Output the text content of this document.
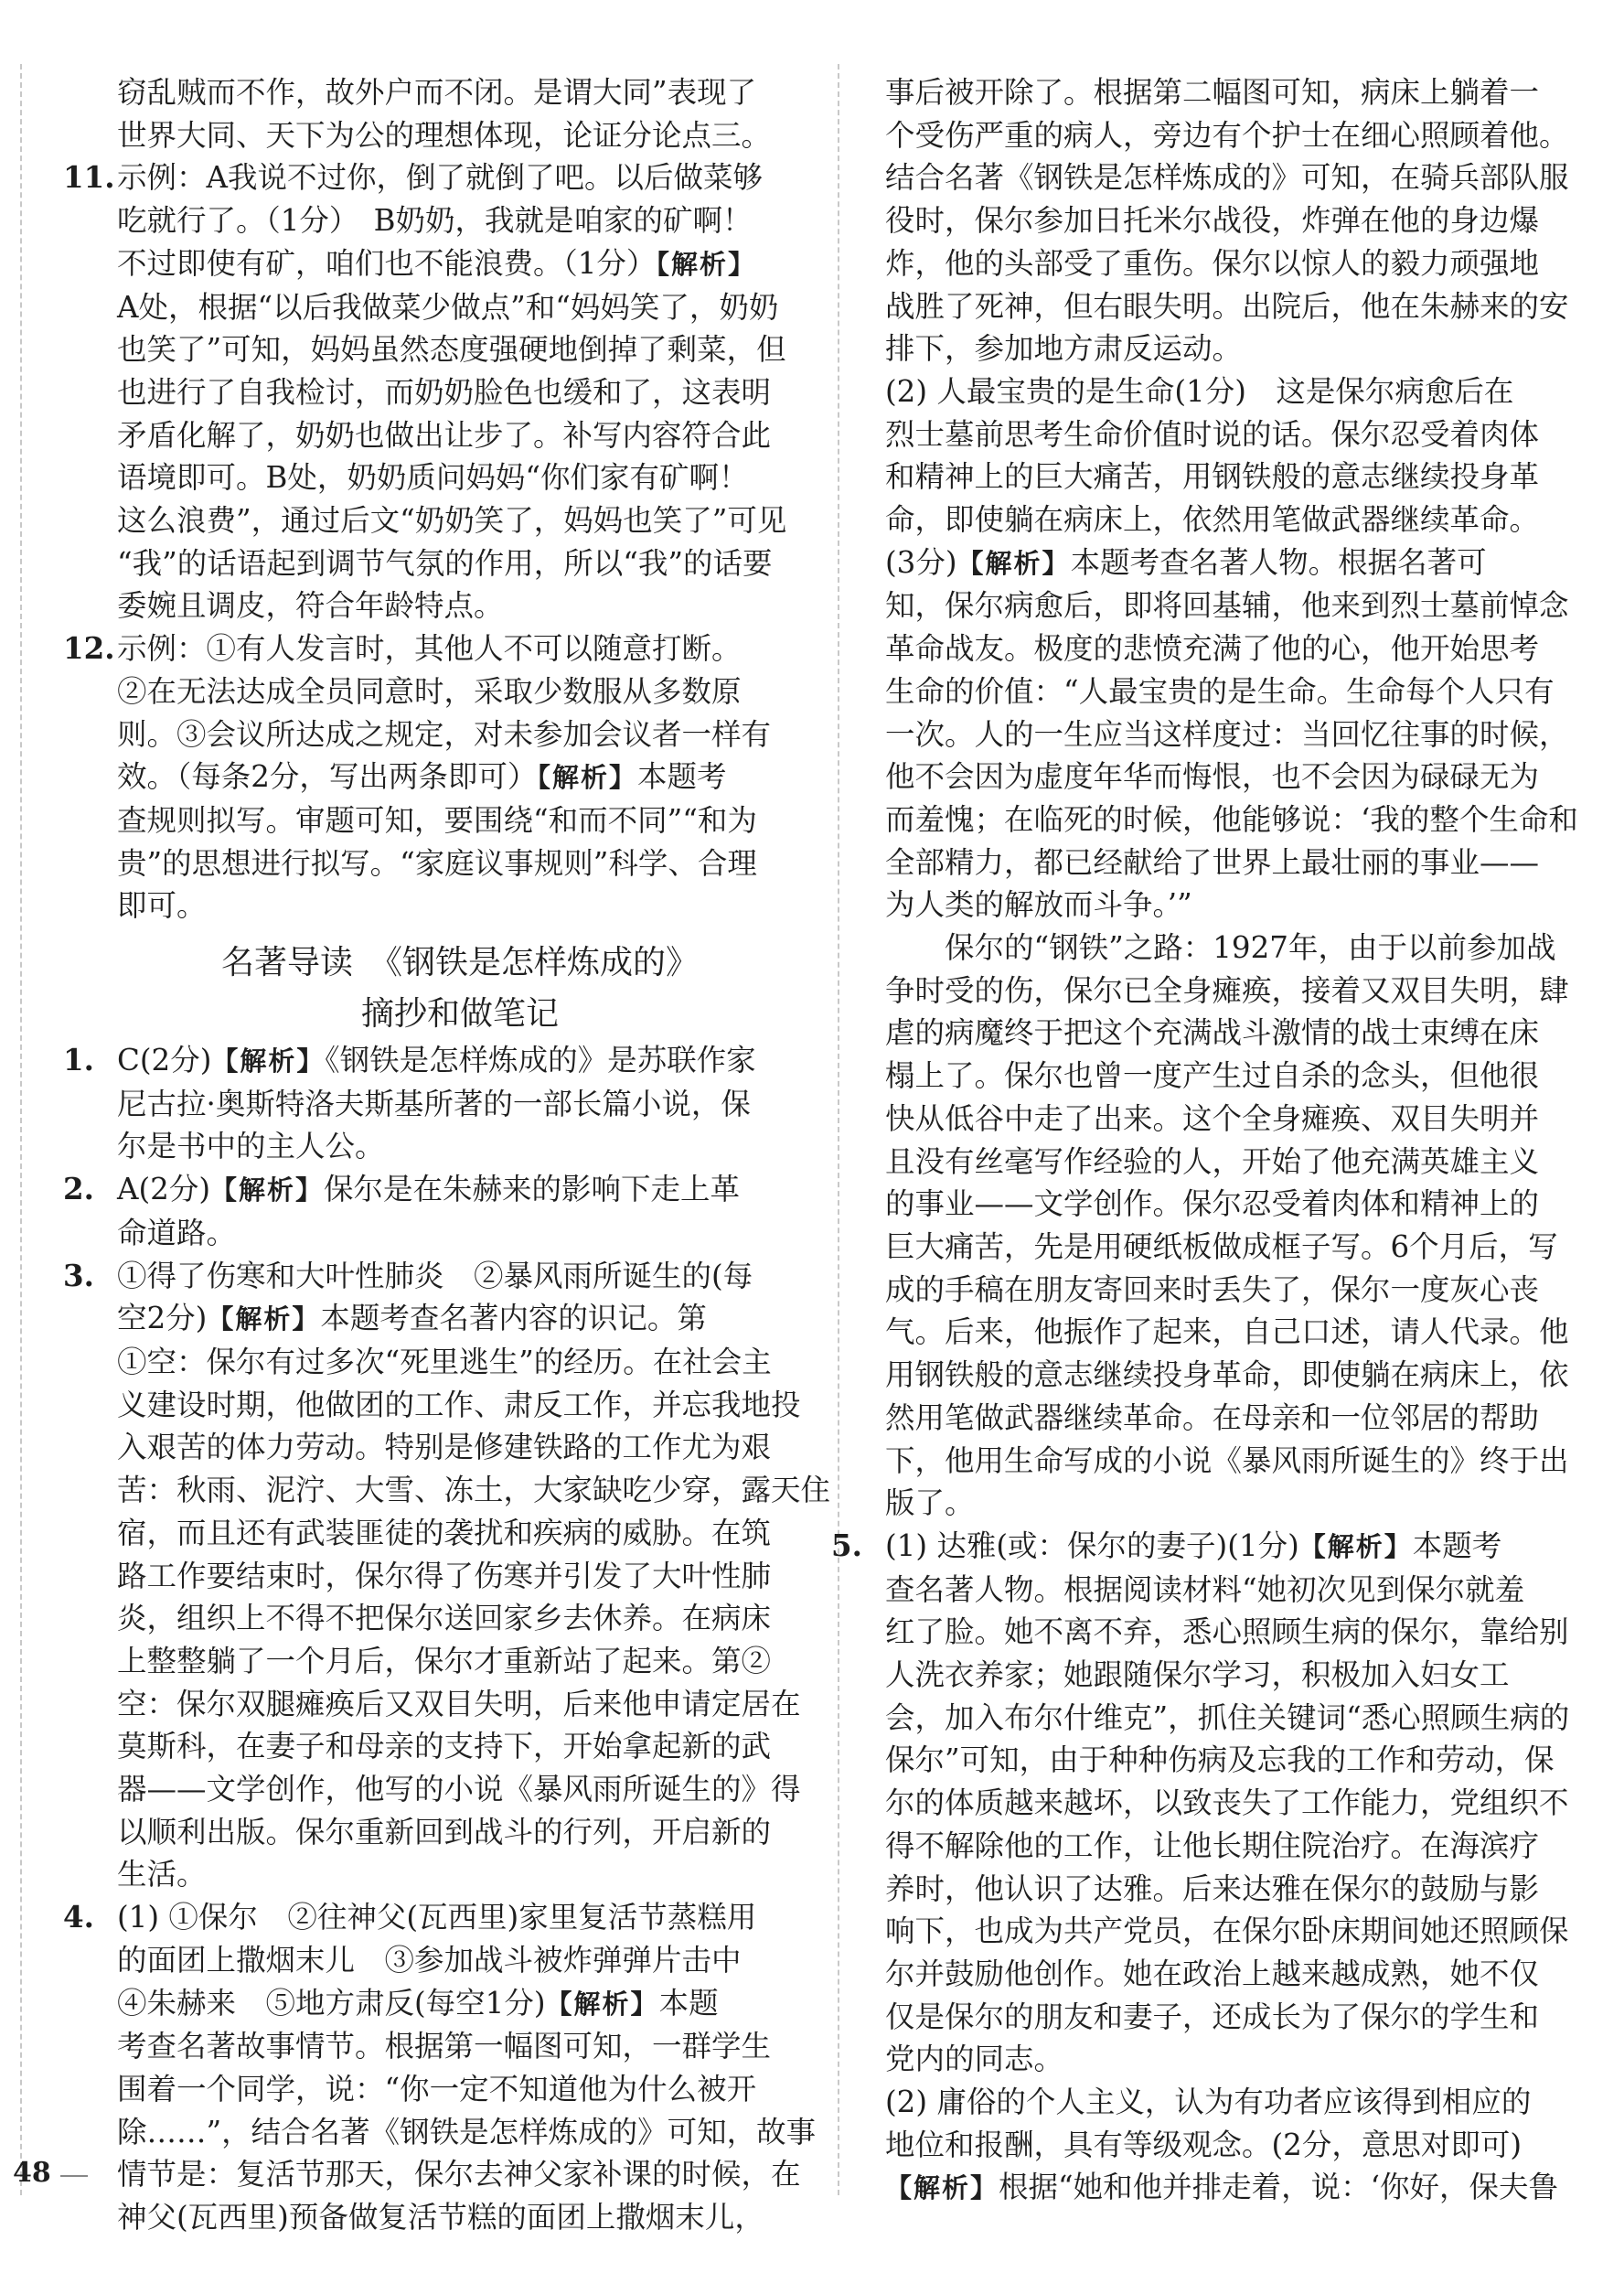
窃乱贼而不作，故外户而不闭。是谓大同”表现了
世界大同、天下为公的理想体现，论证分论点三。
11.示例：A我说不过你，倒了就倒了吧。以后做菜够
吃就行了。（1分）　B奶奶，我就是咱家的矿啊！
不过即使有矿，咱们也不能浪费。（1分）【解析】
A处，根据“以后我做菜少做点”和“妈妈笑了，奶奶
也笑了”可知，妈妈虽然态度强硬地倒掉了剩菜，但
也进行了自我检讨，而奶奶脸色也缓和了，这表明
矛盾化解了，奶奶也做出让步了。补写内容符合此
语境即可。B处，奶奶质问妈妈“你们家有矿啊！
这么浪费”，通过后文“奶奶笑了，妈妈也笑了”可见
“我”的话语起到调节气氛的作用，所以“我”的话要
委婉且调皮，符合年龄特点。
12.示例：①有人发言时，其他人不可以随意打断。
②在无法达成全员同意时，采取少数服从多数原
则。③会议所达成之规定，对未参加会议者一样有
效。（每条2分，写出两条即可）【解析】本题考
查规则拟写。审题可知，要围绕“和而不同”“和为
贵”的思想进行拟写。“家庭议事规则”科学、合理
即可。
名著导读　《钢铁是怎样炼成的》
摘抄和做笔记
1. C(2分)【解析】《钢铁是怎样炼成的》是苏联作家
尼古拉·奥斯特洛夫斯基所著的一部长篇小说，保
尔是书中的主人公。
2. A(2分)【解析】保尔是在朱赫来的影响下走上革
命道路。
3. ①得了伤寒和大叶性肺炎　②暴风雨所诞生的(每
空2分)【解析】本题考查名著内容的识记。第
①空：保尔有过多次“死里逃生”的经历。在社会主
义建设时期，他做团的工作、肃反工作，并忘我地投
入艰苦的体力劳动。特别是修建铁路的工作尤为艰
苦：秋雨、泥泞、大雪、冻土，大家缺吃少穿，露天住
宿，而且还有武装匪徒的袭扰和疾病的威胁。在筑
路工作要结束时，保尔得了伤寒并引发了大叶性肺
炎，组织上不得不把保尔送回家乡去休养。在病床
上整整躺了一个月后，保尔才重新站了起来。第②
空：保尔双腿瘫痪后又双目失明，后来他申请定居在
莫斯科，在妻子和母亲的支持下，开始拿起新的武
器——文学创作，他写的小说《暴风雨所诞生的》得
以顺利出版。保尔重新回到战斗的行列，开启新的
生活。
4. (1) ①保尔　②往神父(瓦西里)家里复活节蒸糕用
的面团上撒烟末儿　③参加战斗被炸弹弹片击中
④朱赫来　⑤地方肃反(每空1分)【解析】本题
考查名著故事情节。根据第一幅图可知，一群学生
围着一个同学，说：“你一定不知道他为什么被开
除……”，结合名著《钢铁是怎样炼成的》可知，故事
情节是：复活节那天，保尔去神父家补课的时候，在
神父(瓦西里)预备做复活节糕的面团上撒烟末儿，
事后被开除了。根据第二幅图可知，病床上躺着一
个受伤严重的病人，旁边有个护士在细心照顾着他。
结合名著《钢铁是怎样炼成的》可知，在骑兵部队服
役时，保尔参加日托米尔战役，炸弹在他的身边爆
炸，他的头部受了重伤。保尔以惊人的毅力顽强地
战胜了死神，但右眼失明。出院后，他在朱赫来的安
排下，参加地方肃反运动。
(2) 人最宝贵的是生命(1分)　这是保尔病愈后在
烈士墓前思考生命价值时说的话。保尔忍受着肉体
和精神上的巨大痛苦，用钢铁般的意志继续投身革
命，即使躺在病床上，依然用笔做武器继续革命。
(3分)【解析】本题考查名著人物。根据名著可
知，保尔病愈后，即将回基辅，他来到烈士墓前悼念
革命战友。极度的悲愤充满了他的心，他开始思考
生命的价值：“人最宝贵的是生命。生命每个人只有
一次。人的一生应当这样度过：当回忆往事的时候，
他不会因为虚度年华而悔恨，也不会因为碌碌无为
而羞愧；在临死的时候，他能够说：‘我的整个生命和
全部精力，都已经献给了世界上最壮丽的事业——
为人类的解放而斗争。’”
保尔的“钢铁”之路：1927年，由于以前参加战
争时受的伤，保尔已全身瘫痪，接着又双目失明，肆
虐的病魔终于把这个充满战斗激情的战士束缚在床
榻上了。保尔也曾一度产生过自杀的念头，但他很
快从低谷中走了出来。这个全身瘫痪、双目失明并
且没有丝毫写作经验的人，开始了他充满英雄主义
的事业——文学创作。保尔忍受着肉体和精神上的
巨大痛苦，先是用硬纸板做成框子写。6个月后，写
成的手稿在朋友寄回来时丢失了，保尔一度灰心丧
气。后来，他振作了起来，自己口述，请人代录。他
用钢铁般的意志继续投身革命，即使躺在病床上，依
然用笔做武器继续革命。在母亲和一位邻居的帮助
下，他用生命写成的小说《暴风雨所诞生的》终于出
版了。
5. (1) 达雅(或：保尔的妻子)(1分)【解析】本题考
查名著人物。根据阅读材料“她初次见到保尔就羞
红了脸。她不离不弃，悉心照顾生病的保尔，靠给别
人洗衣养家；她跟随保尔学习，积极加入妇女工
会，加入布尔什维克”，抓住关键词“悉心照顾生病的
保尔”可知，由于种种伤病及忘我的工作和劳动，保
尔的体质越来越坏，以致丧失了工作能力，党组织不
得不解除他的工作，让他长期住院治疗。在海滨疗
养时，他认识了达雅。后来达雅在保尔的鼓励与影
响下，也成为共产党员，在保尔卧床期间她还照顾保
尔并鼓励他创作。她在政治上越来越成熟，她不仅
仅是保尔的朋友和妻子，还成长为了保尔的学生和
党内的同志。
(2) 庸俗的个人主义，认为有功者应该得到相应的
地位和报酬，具有等级观念。(2分，意思对即可)
【解析】根据“她和他并排走着，说：‘你好，保夫鲁
48
